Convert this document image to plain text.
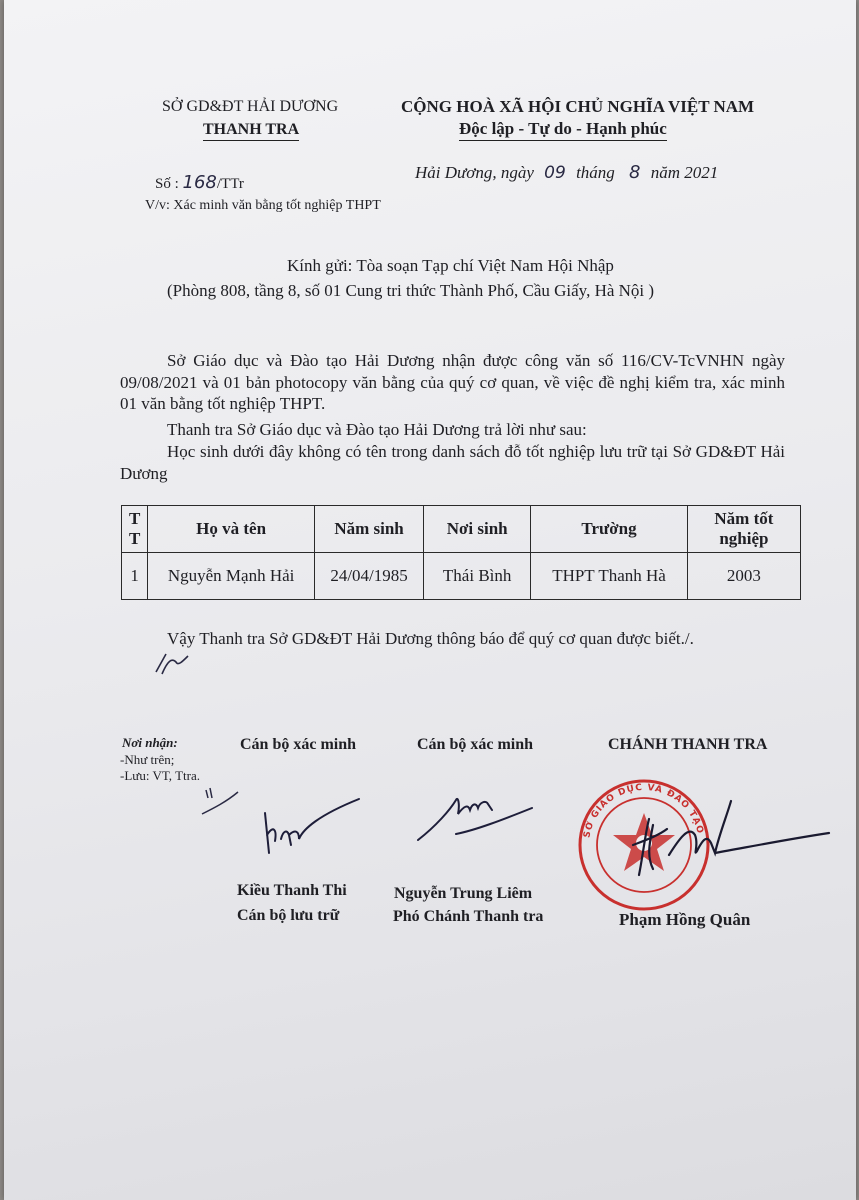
SỞ GD&ĐT HẢI DƯƠNG
THANH TRA
CỘNG HOÀ XÃ HỘI CHỦ NGHĨA VIỆT NAM
Độc lập - Tự do - Hạnh phúc
Số : 168/TTr
Hải Dương, ngày 09 tháng 8 năm 2021
V/v: Xác minh văn bằng tốt nghiệp THPT
Kính gửi: Tòa soạn Tạp chí Việt Nam Hội Nhập
(Phòng 808, tầng 8, số 01 Cung tri thức Thành Phố, Cầu Giấy, Hà Nội )
Sở Giáo dục và Đào tạo Hải Dương nhận được công văn số 116/CV-TcVNHN ngày 09/08/2021 và 01 bản photocopy văn bằng của quý cơ quan, về việc đề nghị kiểm tra, xác minh 01 văn bằng tốt nghiệp THPT.
Thanh tra Sở Giáo dục và Đào tạo Hải Dương trả lời như sau:
Học sinh dưới đây không có tên trong danh sách đỗ tốt nghiệp lưu trữ tại Sở GD&ĐT Hải Dương
TT	Họ và tên	Năm sinh	Nơi sinh	Trường	Năm tốt nghiệp
1	Nguyễn Mạnh Hải	24/04/1985	Thái Bình	THPT Thanh Hà	2003
Vậy Thanh tra Sở GD&ĐT Hải Dương thông báo để quý cơ quan được biết./.
Nơi nhận:
-Như trên;
-Lưu: VT, Ttra.
Cán bộ xác minh	Cán bộ xác minh	CHÁNH THANH TRA
SỞ GIÁO DỤC VÀ ĐÀO TẠO
Kiều Thanh Thi
Cán bộ lưu trữ
Nguyễn Trung Liêm
Phó Chánh Thanh tra	Phạm Hồng Quân
